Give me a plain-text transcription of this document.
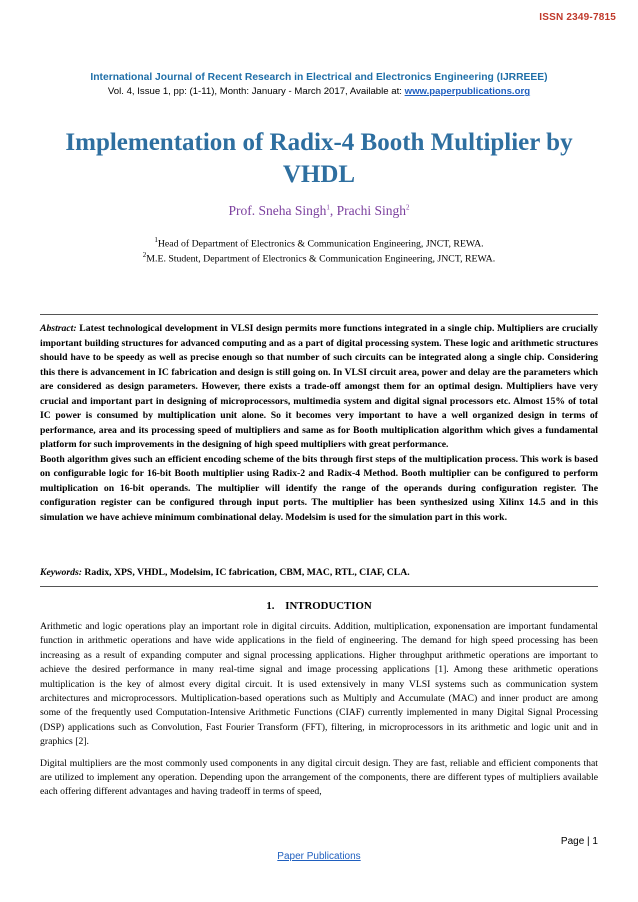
ISSN 2349-7815
International Journal of Recent Research in Electrical and Electronics Engineering (IJRREEE)
Vol. 4, Issue 1, pp: (1-11), Month: January - March 2017, Available at: www.paperpublications.org
Implementation of Radix-4 Booth Multiplier by VHDL
Prof. Sneha Singh$^1$, Prachi Singh$^2$
$^1$Head of Department of Electronics & Communication Engineering, JNCT, REWA.
$^2$M.E. Student, Department of Electronics & Communication Engineering, JNCT, REWA.

Abstract: Latest technological development in VLSI design permits more functions integrated in a single chip. Multipliers are crucially important building structures for advanced computing and as a part of digital processing system. These logic and arithmetic structures should have to be speedy as well as precise enough so that number of such circuits can be integrated along a single chip. Considering this there is advancement in IC fabrication and design is still going on. In VLSI circuit area, power and delay are the parameters which are considered as design parameters. However, there exists a trade-off amongst them for an optimal design. Multipliers have very crucial and important part in designing of microprocessors, multimedia system and digital signal processors etc. Almost 15% of total IC power is consumed by multiplication unit alone. So it becomes very important to have a well organized design in terms of performance, area and its processing speed of multipliers and same as for Booth multiplication algorithm which gives a fundamental platform for such improvements in the designing of high speed multipliers with great performance.

Booth algorithm gives such an efficient encoding scheme of the bits through first steps of the multiplication process. This work is based on configurable logic for 16-bit Booth multiplier using Radix-2 and Radix-4 Method. Booth multiplier can be configured to perform multiplication on 16-bit operands. The multiplier will identify the range of the operands during configuration register. The configuration register can be configured through input ports. The multiplier has been synthesized using Xilinx 14.5 and in this simulation we have achieve minimum combinational delay. Modelsim is used for the simulation part in this work.

Keywords: Radix, XPS, VHDL, Modelsim, IC fabrication, CBM, MAC, RTL, CIAF, CLA.
1.    INTRODUCTION

Arithmetic and logic operations play an important role in digital circuits. Addition, multiplication, exponensation are important fundamental function in arithmetic operations and have wide applications in the field of engineering. The demand for high speed processing has been increasing as a result of expanding computer and signal processing applications. Higher throughput arithmetic operations are important to achieve the desired performance in many real-time signal and image processing applications [1]. Among these arithmetic operations multiplication is the key of almost every digital circuit. It is used extensively in many VLSI systems such as communication system architectures and microprocessors. Multiplication-based operations such as Multiply and Accumulate (MAC) and inner product are among some of the frequently used Computation-Intensive Arithmetic Functions (CIAF) currently implemented in many Digital Signal Processing (DSP) applications such as Convolution, Fast Fourier Transform (FFT), filtering, in microprocessors in its arithmetic and logic unit and in graphics [2].

Digital multipliers are the most commonly used components in any digital circuit design. They are fast, reliable and efficient components that are utilized to implement any operation. Depending upon the arrangement of the components, there are different types of multipliers available each offering different advantages and having tradeoff in terms of speed,

Page | 1
Paper Publications
